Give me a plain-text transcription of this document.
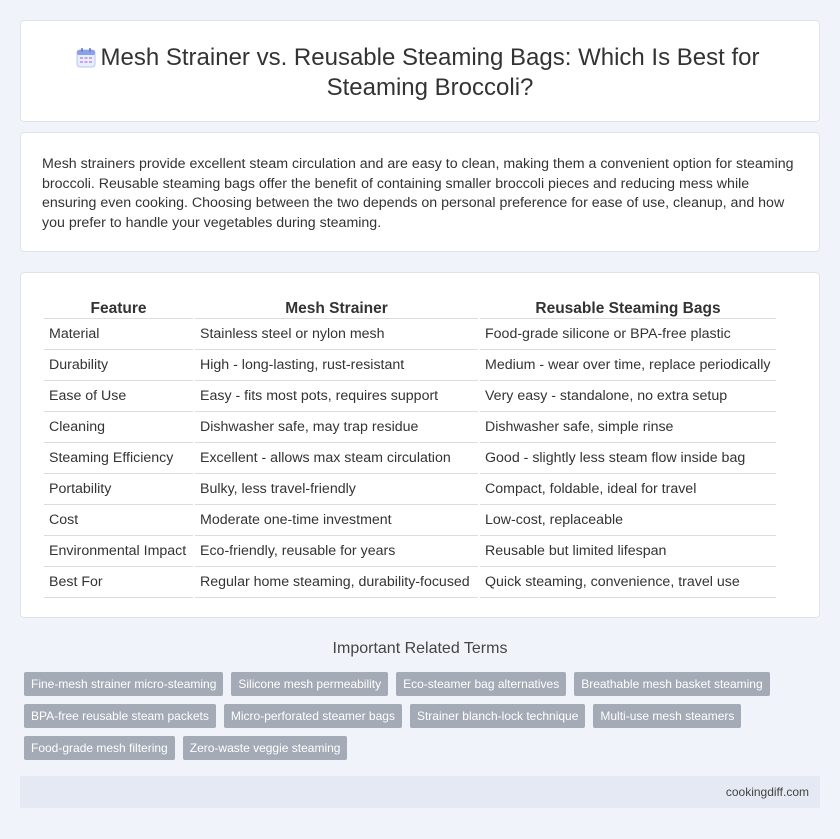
Mesh Strainer vs. Reusable Steaming Bags: Which Is Best for Steaming Broccoli?

Mesh strainers provide excellent steam circulation and are easy to clean, making them a convenient option for steaming broccoli. Reusable steaming bags offer the benefit of containing smaller broccoli pieces and reducing mess while ensuring even cooking. Choosing between the two depends on personal preference for ease of use, cleanup, and how you prefer to handle your vegetables during steaming.

Feature	Mesh Strainer	Reusable Steaming Bags
Material	Stainless steel or nylon mesh	Food-grade silicone or BPA-free plastic
Durability	High - long-lasting, rust-resistant	Medium - wear over time, replace periodically
Ease of Use	Easy - fits most pots, requires support	Very easy - standalone, no extra setup
Cleaning	Dishwasher safe, may trap residue	Dishwasher safe, simple rinse
Steaming Efficiency	Excellent - allows max steam circulation	Good - slightly less steam flow inside bag
Portability	Bulky, less travel-friendly	Compact, foldable, ideal for travel
Cost	Moderate one-time investment	Low-cost, replaceable
Environmental Impact	Eco-friendly, reusable for years	Reusable but limited lifespan
Best For	Regular home steaming, durability-focused	Quick steaming, convenience, travel use
Important Related Terms
Fine-mesh strainer micro-steaming	Silicone mesh permeability	Eco-steamer bag alternatives	Breathable mesh basket steaming
BPA-free reusable steam packets	Micro-perforated steamer bags	Strainer blanch-lock technique	Multi-use mesh steamers
Food-grade mesh filtering	Zero-waste veggie steaming
cookingdiff.com
